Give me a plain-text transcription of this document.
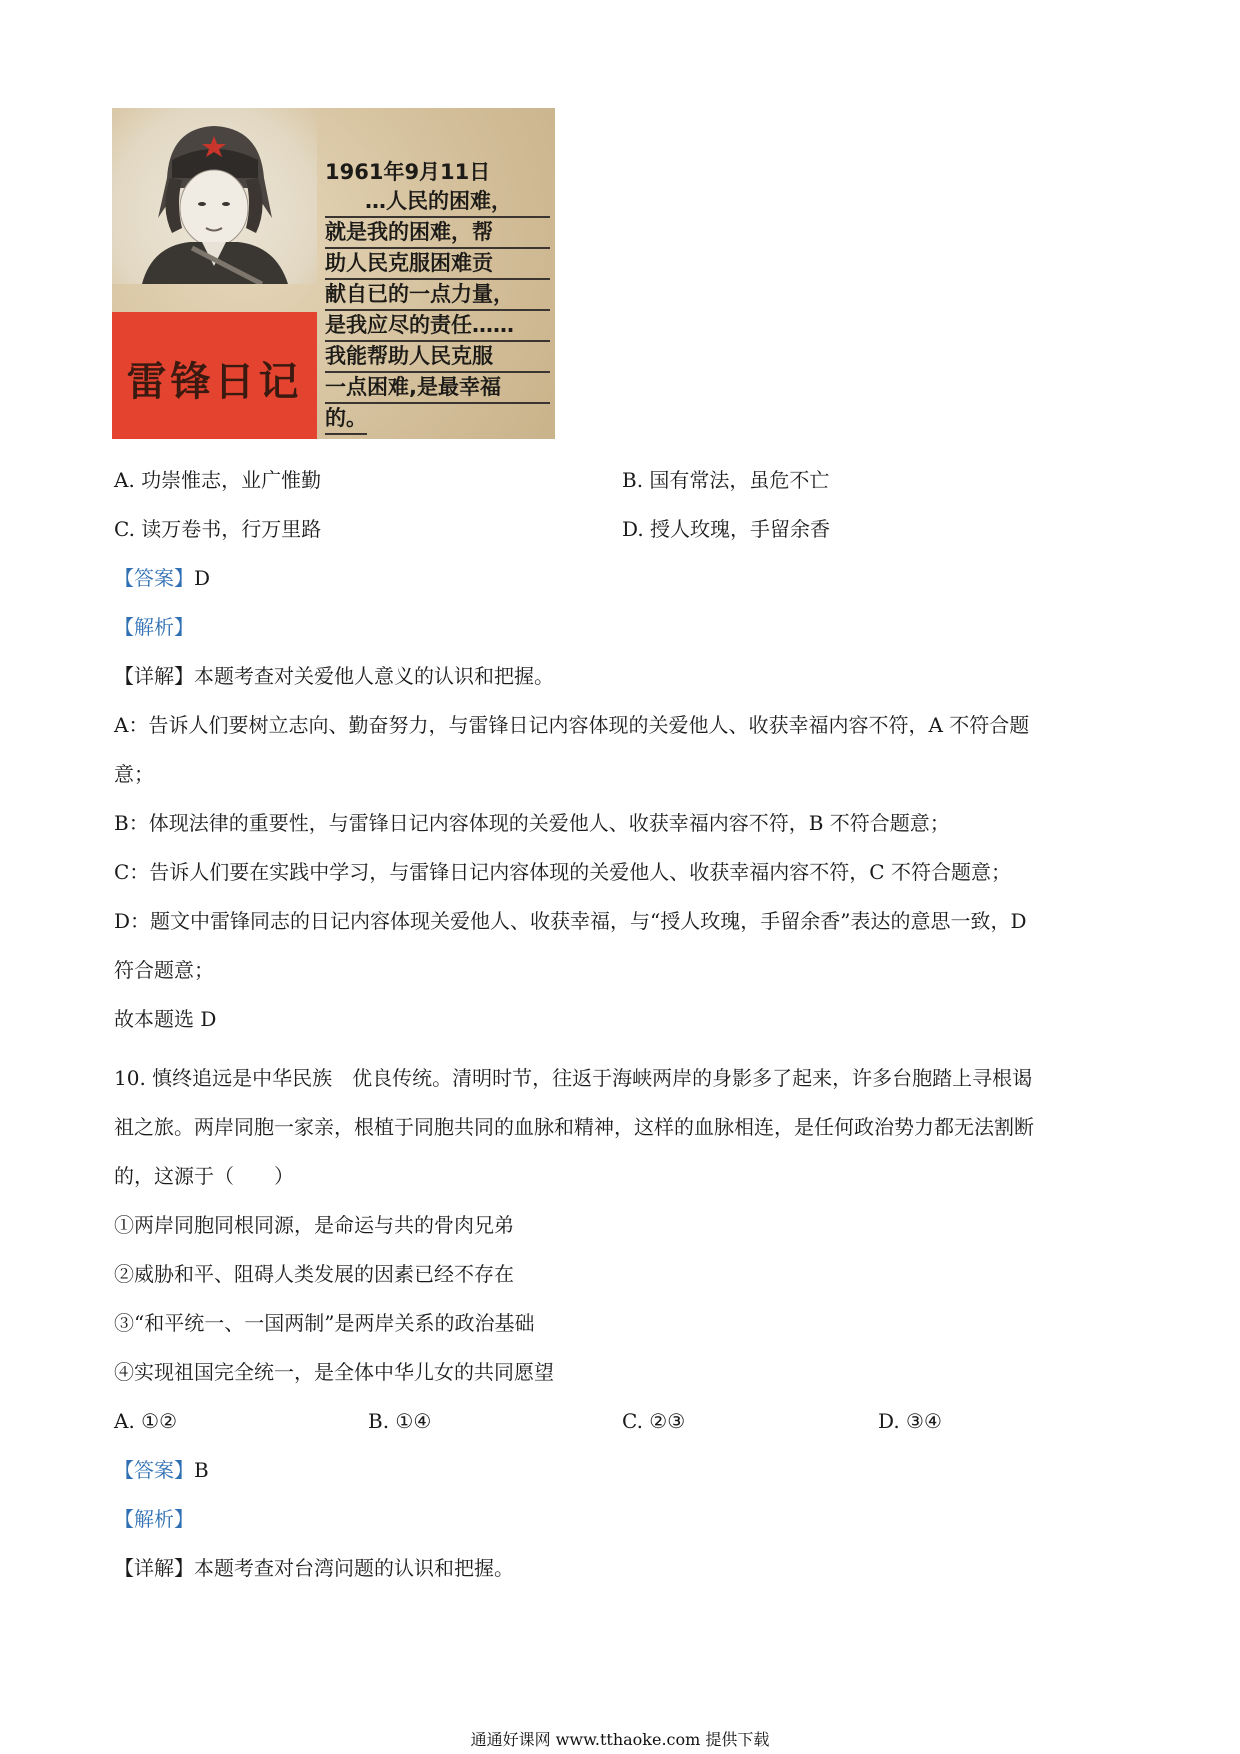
雷锋日记
1961年9月11日
…人民的困难，
就是我的困难，帮
助人民克服困难贡
献自已的一点力量，
是我应尽的责任……
我能帮助人民克服
一点困难,是最幸福
的。
A. 功崇惟志，业广惟勤	B. 国有常法，虽危不亡
C. 读万卷书，行万里路	D. 授人玫瑰，手留余香
【答案】D
【解析】
【详解】本题考查对关爱他人意义的认识和把握。
A：告诉人们要树立志向、勤奋努力，与雷锋日记内容体现的关爱他人、收获幸福内容不符，A 不符合题
意；
B：体现法律的重要性，与雷锋日记内容体现的关爱他人、收获幸福内容不符，B 不符合题意；
C：告诉人们要在实践中学习，与雷锋日记内容体现的关爱他人、收获幸福内容不符，C 不符合题意；
D：题文中雷锋同志的日记内容体现关爱他人、收获幸福，与“授人玫瑰，手留余香”表达的意思一致，D
符合题意；
故本题选 D
10. 慎终追远是中华民族　优良传统。清明时节，往返于海峡两岸的身影多了起来，许多台胞踏上寻根谒
祖之旅。两岸同胞一家亲，根植于同胞共同的血脉和精神，这样的血脉相连，是任何政治势力都无法割断
的，这源于（　　）
①两岸同胞同根同源，是命运与共的骨肉兄弟
②威胁和平、阻碍人类发展的因素已经不存在
③“和平统一、一国两制”是两岸关系的政治基础
④实现祖国完全统一，是全体中华儿女的共同愿望
A. ①②	B. ①④	C. ②③	D. ③④
【答案】B
【解析】
【详解】本题考查对台湾问题的认识和把握。
通通好课网 www.tthaoke.com 提供下载
